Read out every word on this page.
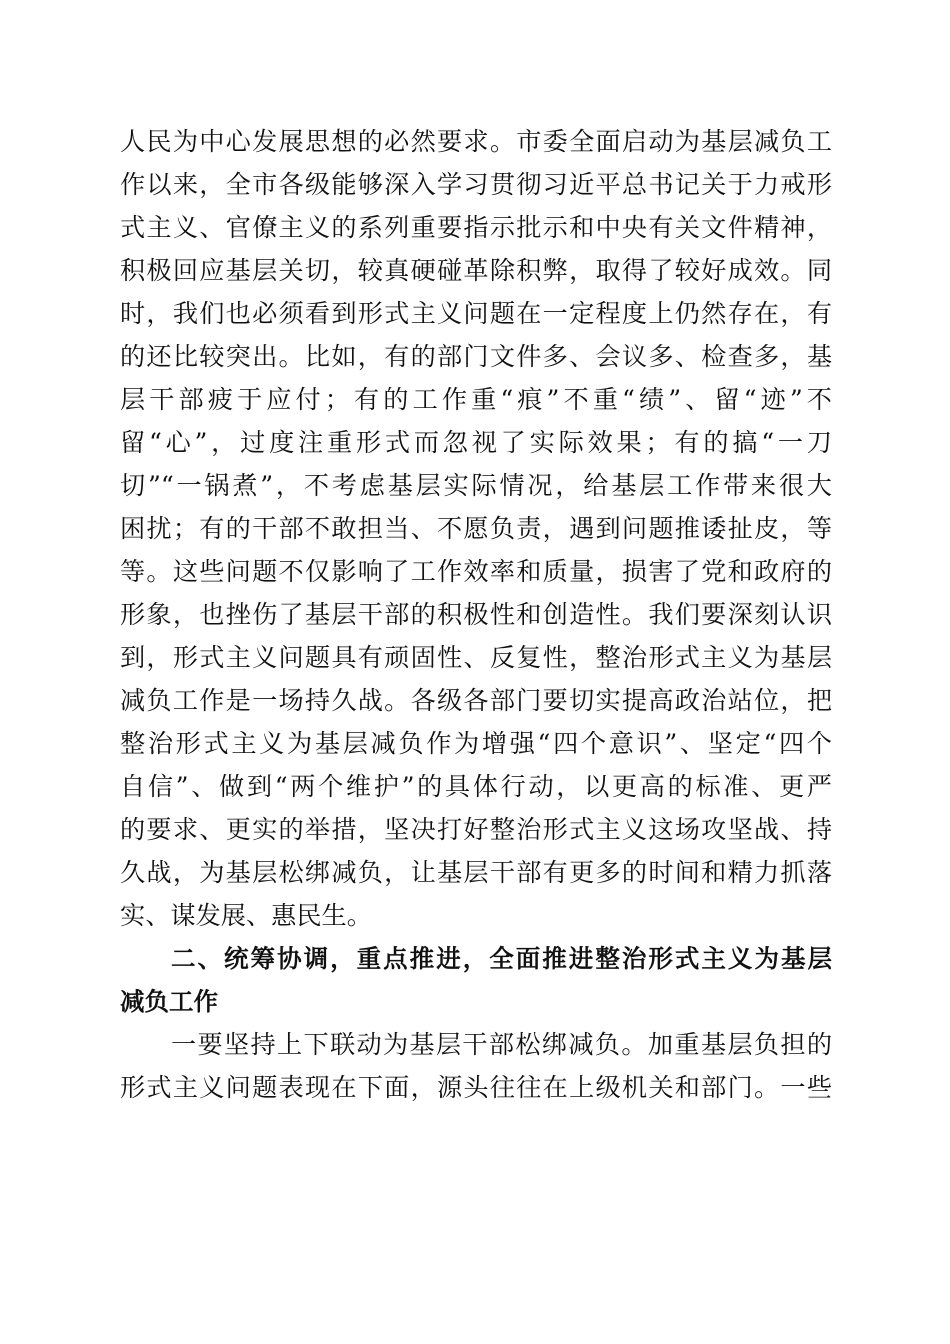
人民为中心发展思想的必然要求。市委全面启动为基层减负工
作以来，全市各级能够深入学习贯彻习近平总书记关于力戒形
式主义、官僚主义的系列重要指示批示和中央有关文件精神，
积极回应基层关切，较真硬碰革除积弊，取得了较好成效。同
时，我们也必须看到形式主义问题在一定程度上仍然存在，有
的还比较突出。比如，有的部门文件多、会议多、检查多，基
层干部疲于应付；有的工作重“痕”不重“绩”、留“迹”不
留“心”，过度注重形式而忽视了实际效果；有的搞“一刀
切”“一锅煮”，不考虑基层实际情况，给基层工作带来很大
困扰；有的干部不敢担当、不愿负责，遇到问题推诿扯皮，等
等。这些问题不仅影响了工作效率和质量，损害了党和政府的
形象，也挫伤了基层干部的积极性和创造性。我们要深刻认识
到，形式主义问题具有顽固性、反复性，整治形式主义为基层
减负工作是一场持久战。各级各部门要切实提高政治站位，把
整治形式主义为基层减负作为增强“四个意识”、坚定“四个
自信”、做到“两个维护”的具体行动，以更高的标准、更严
的要求、更实的举措，坚决打好整治形式主义这场攻坚战、持
久战，为基层松绑减负，让基层干部有更多的时间和精力抓落
实、谋发展、惠民生。
二、统筹协调，重点推进，全面推进整治形式主义为基层
减负工作
一要坚持上下联动为基层干部松绑减负。加重基层负担的
形式主义问题表现在下面，源头往往在上级机关和部门。一些
